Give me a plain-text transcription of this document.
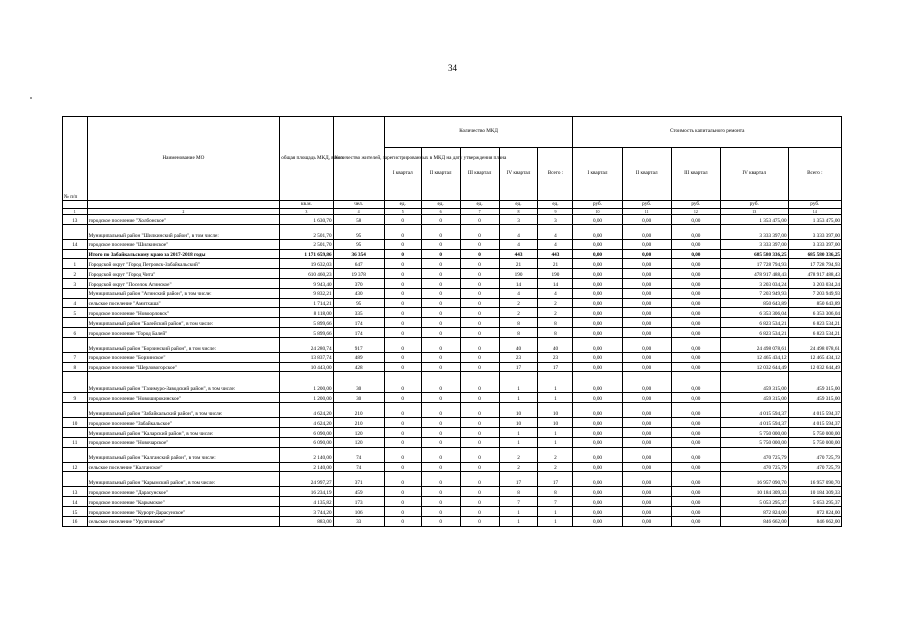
34
№ п/п	Наименование МО	общая площадь МКД, всего	Количество жителей, зарегистрированных в МКД на дату утверждения плана	Количество МКД					Стоимость капитального ремонта				
				I квартал	II квартал	III квартал	IV квартал	Всего :	I квартал	II квартал	III квартал	IV квартал	Всего :
		кв.м.	чел.	ед.	ед.	ед.	ед.	ед.	руб.	руб.	руб.	руб.	руб.
1	2	3	4	5	6	7	8	9	10	11	12	13	14
13	городское поселение "Холбонское"	1 630,70	58	0	0	0	3	3	0,00	0,00	0,00	1 353 475,00	1 353 475,00
	Муниципальный район "Шилкинский район", в том числе:	2 501,70	95	0	0	0	4	4	0,00	0,00	0,00	3 333 397,00	3 333 397,00
14	городское поселение "Шилкинское"	2 501,70	95	0	0	0	4	4	0,00	0,00	0,00	3 333 397,00	3 333 397,00
	Итого по Забайкальскому краю за 2017-2018 годы	1 171 659,86	36 354	0	0	0	443	443	0,00	0,00	0,00	685 580 336,25	685 580 336,25
1	Городской округ "Город Петровск-Забайкальский"	19 632,03	647	0	0	0	21	21	0,00	0,00	0,00	17 728 794,93	17 728 794,93
2	Городской округ "Город Чита"	610 460,23	19 378	0	0	0	190	190	0,00	0,00	0,00	478 917 488,43	478 917 488,43
3	Городской округ "Поселок Агинское"	9 943,40	370	0	0	0	14	14	0,00	0,00	0,00	3 203 034,24	3 203 034,24
	Муниципальный район "Агинский район", в том числе:	9 832,21	430	0	0	0	4	4	0,00	0,00	0,00	7 203 949,93	7 203 949,93
4	сельское поселение "Амитхаша"	1 714,21	95	0	0	0	2	2	0,00	0,00	0,00	850 643,89	850 643,89
5	городское поселение "Новоорловск"	8 118,00	335	0	0	0	2	2	0,00	0,00	0,00	6 353 306,04	6 353 306,04
	Муниципальный район "Балейский район", в том числе:	5 899,66	174	0	0	0	8	8	0,00	0,00	0,00	6 823 534,21	6 823 534,21
6	городское поселение "Город Балей"	5 899,66	174	0	0	0	8	8	0,00	0,00	0,00	6 823 534,21	6 823 534,21
	Муниципальный район "Борзинский район", в том числе:	24 280,74	917	0	0	0	40	40	0,00	0,00	0,00	24 498 078,61	24 498 078,61
7	городское поселение "Борзинское"	13 837,74	489	0	0	0	23	23	0,00	0,00	0,00	12 465 434,12	12 465 434,12
8	городское поселение "Шерловогорское"	10 443,00	428	0	0	0	17	17	0,00	0,00	0,00	12 032 644,49	12 032 644,49
	Муниципальный район "Газимуро-Заводский район", в том числе:	1 200,00	30	0	0	0	1	1	0,00	0,00	0,00	459 315,00	459 315,00
9	городское поселение "Новоширокинское"	1 200,00	30	0	0	0	1	1	0,00	0,00	0,00	459 315,00	459 315,00
	Муниципальный район "Забайкальский район", в том числе:	4 624,20	210	0	0	0	10	10	0,00	0,00	0,00	4 015 594,37	4 015 594,37
10	городское поселение "Забайкальское"	4 624,20	210	0	0	0	10	10	0,00	0,00	0,00	4 015 594,37	4 015 594,37
	Муниципальный район "Каларский район", в том числе:	6 090,00	120	0	0	0	1	1	0,00	0,00	0,00	5 750 000,00	5 750 000,00
11	городское поселение "Новочарское"	6 090,00	120	0	0	0	1	1	0,00	0,00	0,00	5 750 000,00	5 750 000,00
	Муниципальный район "Калганский район", в том числе:	2 140,00	74	0	0	0	2	2	0,00	0,00	0,00	470 725,79	470 725,79
12	сельское поселение "Калганское"	2 140,00	74	0	0	0	2	2	0,00	0,00	0,00	470 725,79	470 725,79
	Муниципальный район "Карымский район", в том числе:	24 997,27	371	0	0	0	17	17	0,00	0,00	0,00	16 957 090,70	16 957 090,70
13	городское поселение "Дарасунское"	16 234,19	459	0	0	0	8	8	0,00	0,00	0,00	10 184 309,33	10 184 309,33
14	городское поселение "Карымское"	4 135,82	173	0	0	0	7	7	0,00	0,00	0,00	5 053 295,37	5 653 295,37
15	городское поселение "Курорт-Дарасунское"	3 744,20	106	0	0	0	1	1	0,00	0,00	0,00	872 824,00	872 824,00
16	сельское поселение "Урулгинское"	883,00	33	0	0	0	1	1	0,00	0,00	0,00	846 662,00	846 662,00
